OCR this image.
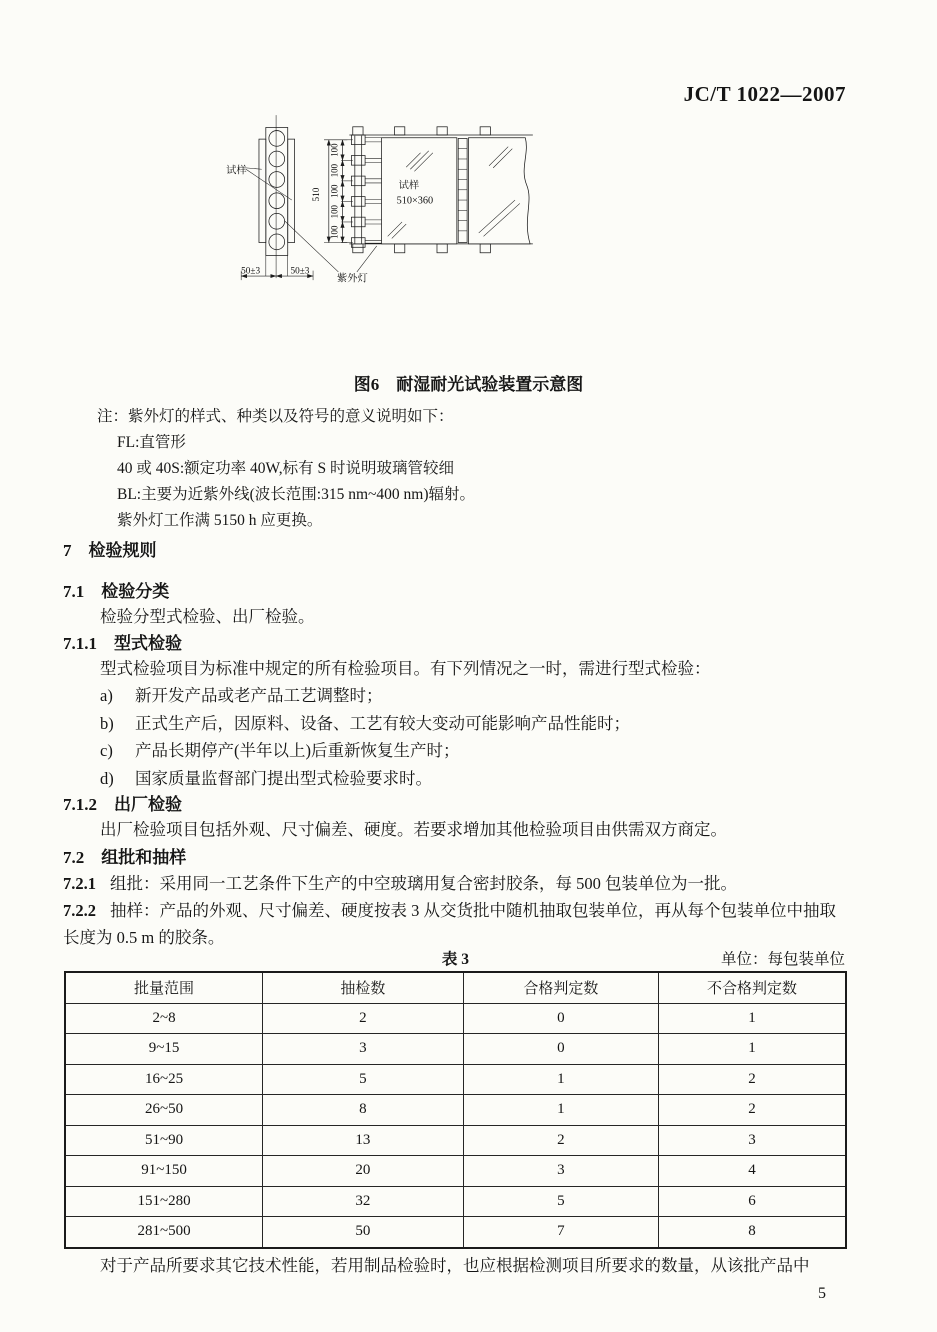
JC/T 1022—2007
试样
50±3 50±3
510
100
100
100
100
100
试样
510×360
紫外灯
图6　耐湿耐光试验装置示意图
注：紫外灯的样式、种类以及符号的意义说明如下：
FL:直管形
40 或 40S:额定功率 40W,标有 S 时说明玻璃管较细
BL:主要为近紫外线(波长范围:315 nm~400 nm)辐射。
紫外灯工作满 5150 h 应更换。
7　检验规则
7.1　检验分类
检验分型式检验、出厂检验。
7.1.1　型式检验
型式检验项目为标准中规定的所有检验项目。有下列情况之一时，需进行型式检验：
a) 新开发产品或老产品工艺调整时；
b) 正式生产后，因原料、设备、工艺有较大变动可能影响产品性能时；
c) 产品长期停产(半年以上)后重新恢复生产时；
d) 国家质量监督部门提出型式检验要求时。
7.1.2　出厂检验
出厂检验项目包括外观、尺寸偏差、硬度。若要求增加其他检验项目由供需双方商定。
7.2　组批和抽样
7.2.1 组批：采用同一工艺条件下生产的中空玻璃用复合密封胶条，每 500 包装单位为一批。
7.2.2 抽样：产品的外观、尺寸偏差、硬度按表 3 从交货批中随机抽取包装单位，再从每个包装单位中抽取长度为 0.5 m 的胶条。
表 3	单位：每包装单位
批量范围	抽检数	合格判定数	不合格判定数
2~8	2	0	1
9~15	3	0	1
16~25	5	1	2
26~50	8	1	2
51~90	13	2	3
91~150	20	3	4
151~280	32	5	6
281~500	50	7	8
对于产品所要求其它技术性能，若用制品检验时，也应根据检测项目所要求的数量，从该批产品中
5
